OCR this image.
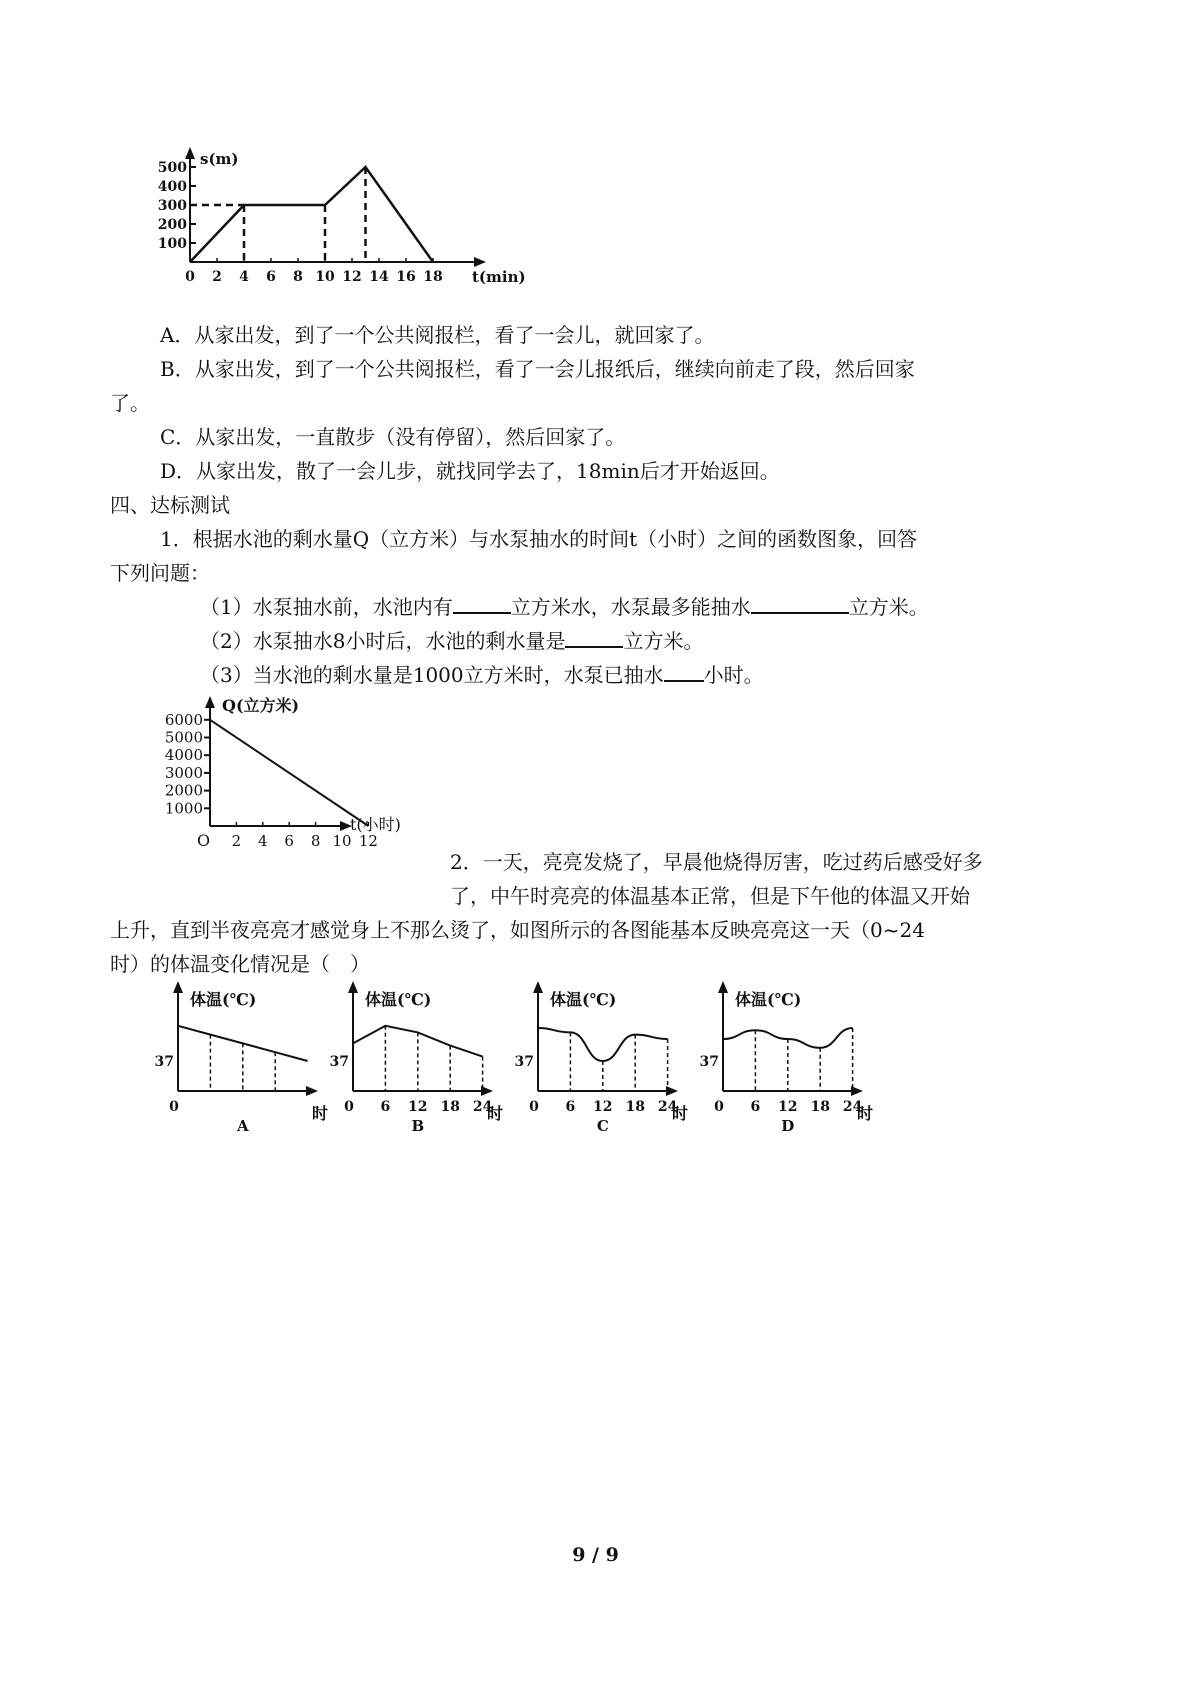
s(m)
t(min)
100
200
300
400
500
0 2 4 6 8 10 12 14 16 18
A．从家出发，到了一个公共阅报栏，看了一会儿，就回家了。
B．从家出发，到了一个公共阅报栏，看了一会儿报纸后，继续向前走了段，然后回家
了。
C．从家出发，一直散步（没有停留），然后回家了。
D．从家出发，散了一会儿步，就找同学去了，18min后才开始返回。
四、达标测试
1．根据水池的剩水量Q（立方米）与水泵抽水的时间t（小时）之间的函数图象，回答
下列问题：
（1）水泵抽水前，水池内有	立方米水，水泵最多能抽水	立方米。
（2）水泵抽水8小时后，水池的剩水量是	立方米。
（3）当水池的剩水量是1000立方米时，水泵已抽水 小时。
Q(立方米)
t(小时)
O
1000
2000
3000
4000
5000
6000
2 4 6 8 10 12
2．一天，亮亮发烧了，早晨他烧得厉害，吃过药后感受好多
了，中午时亮亮的体温基本正常，但是下午他的体温又开始
上升，直到半夜亮亮才感觉身上不那么烫了，如图所示的各图能基本反映亮亮这一天（0~24
时）的体温变化情况是（　）
体温(℃)
37
时
0
A
体温(℃)
37
时
0 6 12 18 24
B
体温(℃)
37
时
0 6 12 18 24
C
体温(℃)
37
时
0 6 12 18 24
D
9 / 9
